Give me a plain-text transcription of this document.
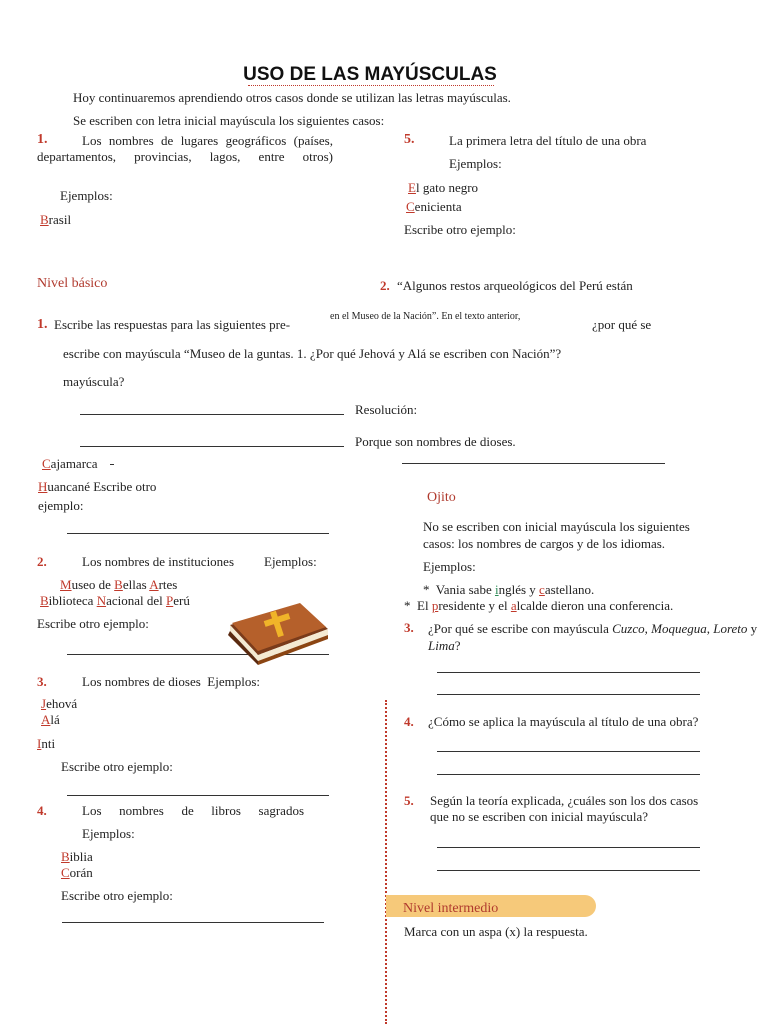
USO DE LAS MAYÚSCULAS
Hoy continuaremos aprendiendo otros casos donde se utilizan las letras mayúsculas.
Se escriben con letra inicial mayúscula los siguientes casos:
1.	Los nombres de lugares geográficos (países, departamentos, provincias, lagos, entre otros)
Ejemplos:
Brasil
5.	La primera letra del título de una obra
Ejemplos:
El gato negro
Cenicienta
Escribe otro ejemplo:
Nivel básico	2. “Algunos restos arqueológicos del Perú están
1. Escribe las respuestas para las siguientes pre-
en el Museo de la Nación”. En el texto anterior,
¿por qué se
escribe con mayúscula “Museo de la guntas. 1. ¿Por qué Jehová y Alá se escriben con Nación”?
mayúscula?
Resolución:
Porque son nombres de dioses.
Cajamarca
Huancané Escribe otro
ejemplo:
Ojito
No se escriben con inicial mayúscula los siguientes
casos: los nombres de cargos y de los idiomas.
Ejemplos:
* Vania sabe inglés y castellano.
* El presidente y el alcalde dieron una conferencia.
2.	Los nombres de instituciones Ejemplos:
Museo de Bellas Artes
Biblioteca Nacional del Perú
Escribe otro ejemplo:	3. ¿Por qué se escribe con mayúscula Cuzco, Moquegua, Loreto y Lima?
3.	Los nombres de dioses Ejemplos:
Jehová
Alá
Inti
Escribe otro ejemplo:
4. ¿Cómo se aplica la mayúscula al título de una obra?
4.	Los nombres de libros sagrados
Ejemplos:
Biblia
Corán
Escribe otro ejemplo:
5. Según la teoría explicada, ¿cuáles son los dos casos
que no se escriben con inicial mayúscula?
Nivel intermedio
Marca con un aspa (x) la respuesta.
